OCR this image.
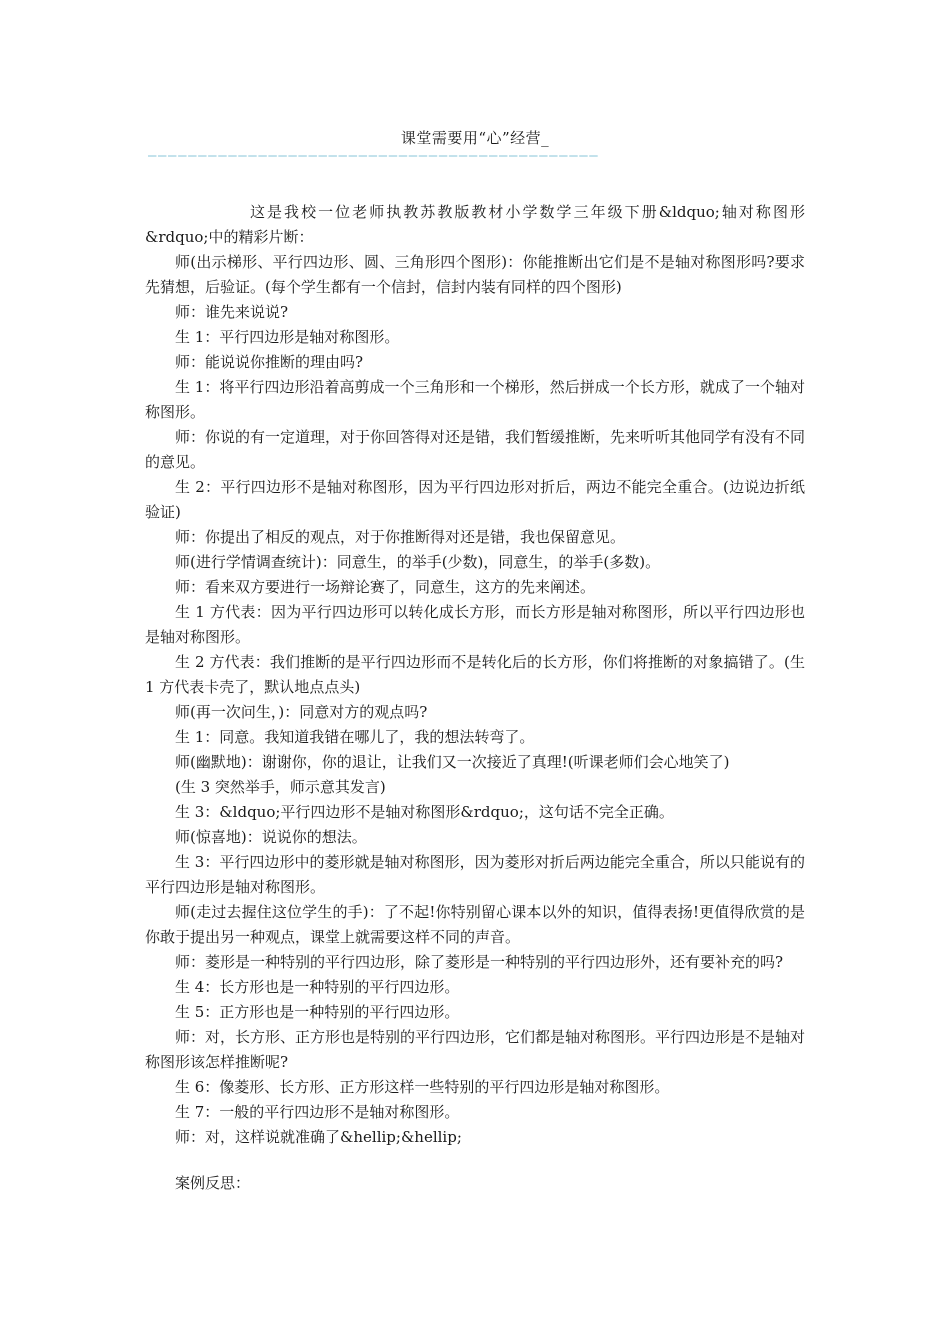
课堂需要用“心”经营_
—————————————————————————————————————————————

这是我校一位老师执教苏教版教材小学数学三年级下册&ldquo;轴对称图形&rdquo;中的精彩片断：

师(出示梯形、平行四边形、圆、三角形四个图形)：你能推断出它们是不是轴对称图形吗?要求先猜想，后验证。(每个学生都有一个信封，信封内装有同样的四个图形)

师：谁先来说说?

生 1：平行四边形是轴对称图形。

师：能说说你推断的理由吗?

生 1：将平行四边形沿着高剪成一个三角形和一个梯形，然后拼成一个长方形，就成了一个轴对称图形。

师：你说的有一定道理，对于你回答得对还是错，我们暂缓推断，先来听听其他同学有没有不同的意见。

生 2：平行四边形不是轴对称图形，因为平行四边形对折后，两边不能完全重合。(边说边折纸验证)

师：你提出了相反的观点，对于你推断得对还是错，我也保留意见。

师(进行学情调查统计)：同意生，的举手(少数)，同意生，的举手(多数)。

师：看来双方要进行一场辩论赛了，同意生，这方的先来阐述。

生 1 方代表：因为平行四边形可以转化成长方形，而长方形是轴对称图形，所以平行四边形也是轴对称图形。

生 2 方代表：我们推断的是平行四边形而不是转化后的长方形，你们将推断的对象搞错了。(生 1 方代表卡壳了，默认地点点头)

师(再一次问生，)：同意对方的观点吗?

生 1：同意。我知道我错在哪儿了，我的想法转弯了。

师(幽默地)：谢谢你，你的退让，让我们又一次接近了真理!(听课老师们会心地笑了)

(生 3 突然举手，师示意其发言)

生 3：&ldquo;平行四边形不是轴对称图形&rdquo;，这句话不完全正确。

师(惊喜地)：说说你的想法。

生 3：平行四边形中的菱形就是轴对称图形，因为菱形对折后两边能完全重合，所以只能说有的平行四边形是轴对称图形。

师(走过去握住这位学生的手)：了不起!你特别留心课本以外的知识，值得表扬!更值得欣赏的是你敢于提出另一种观点，课堂上就需要这样不同的声音。

师：菱形是一种特别的平行四边形，除了菱形是一种特别的平行四边形外，还有要补充的吗?

生 4：长方形也是一种特别的平行四边形。

生 5：正方形也是一种特别的平行四边形。

师：对，长方形、正方形也是特别的平行四边形，它们都是轴对称图形。平行四边形是不是轴对称图形该怎样推断呢?

生 6：像菱形、长方形、正方形这样一些特别的平行四边形是轴对称图形。

生 7：一般的平行四边形不是轴对称图形。

师：对，这样说就准确了&hellip;&hellip;

案例反思：
